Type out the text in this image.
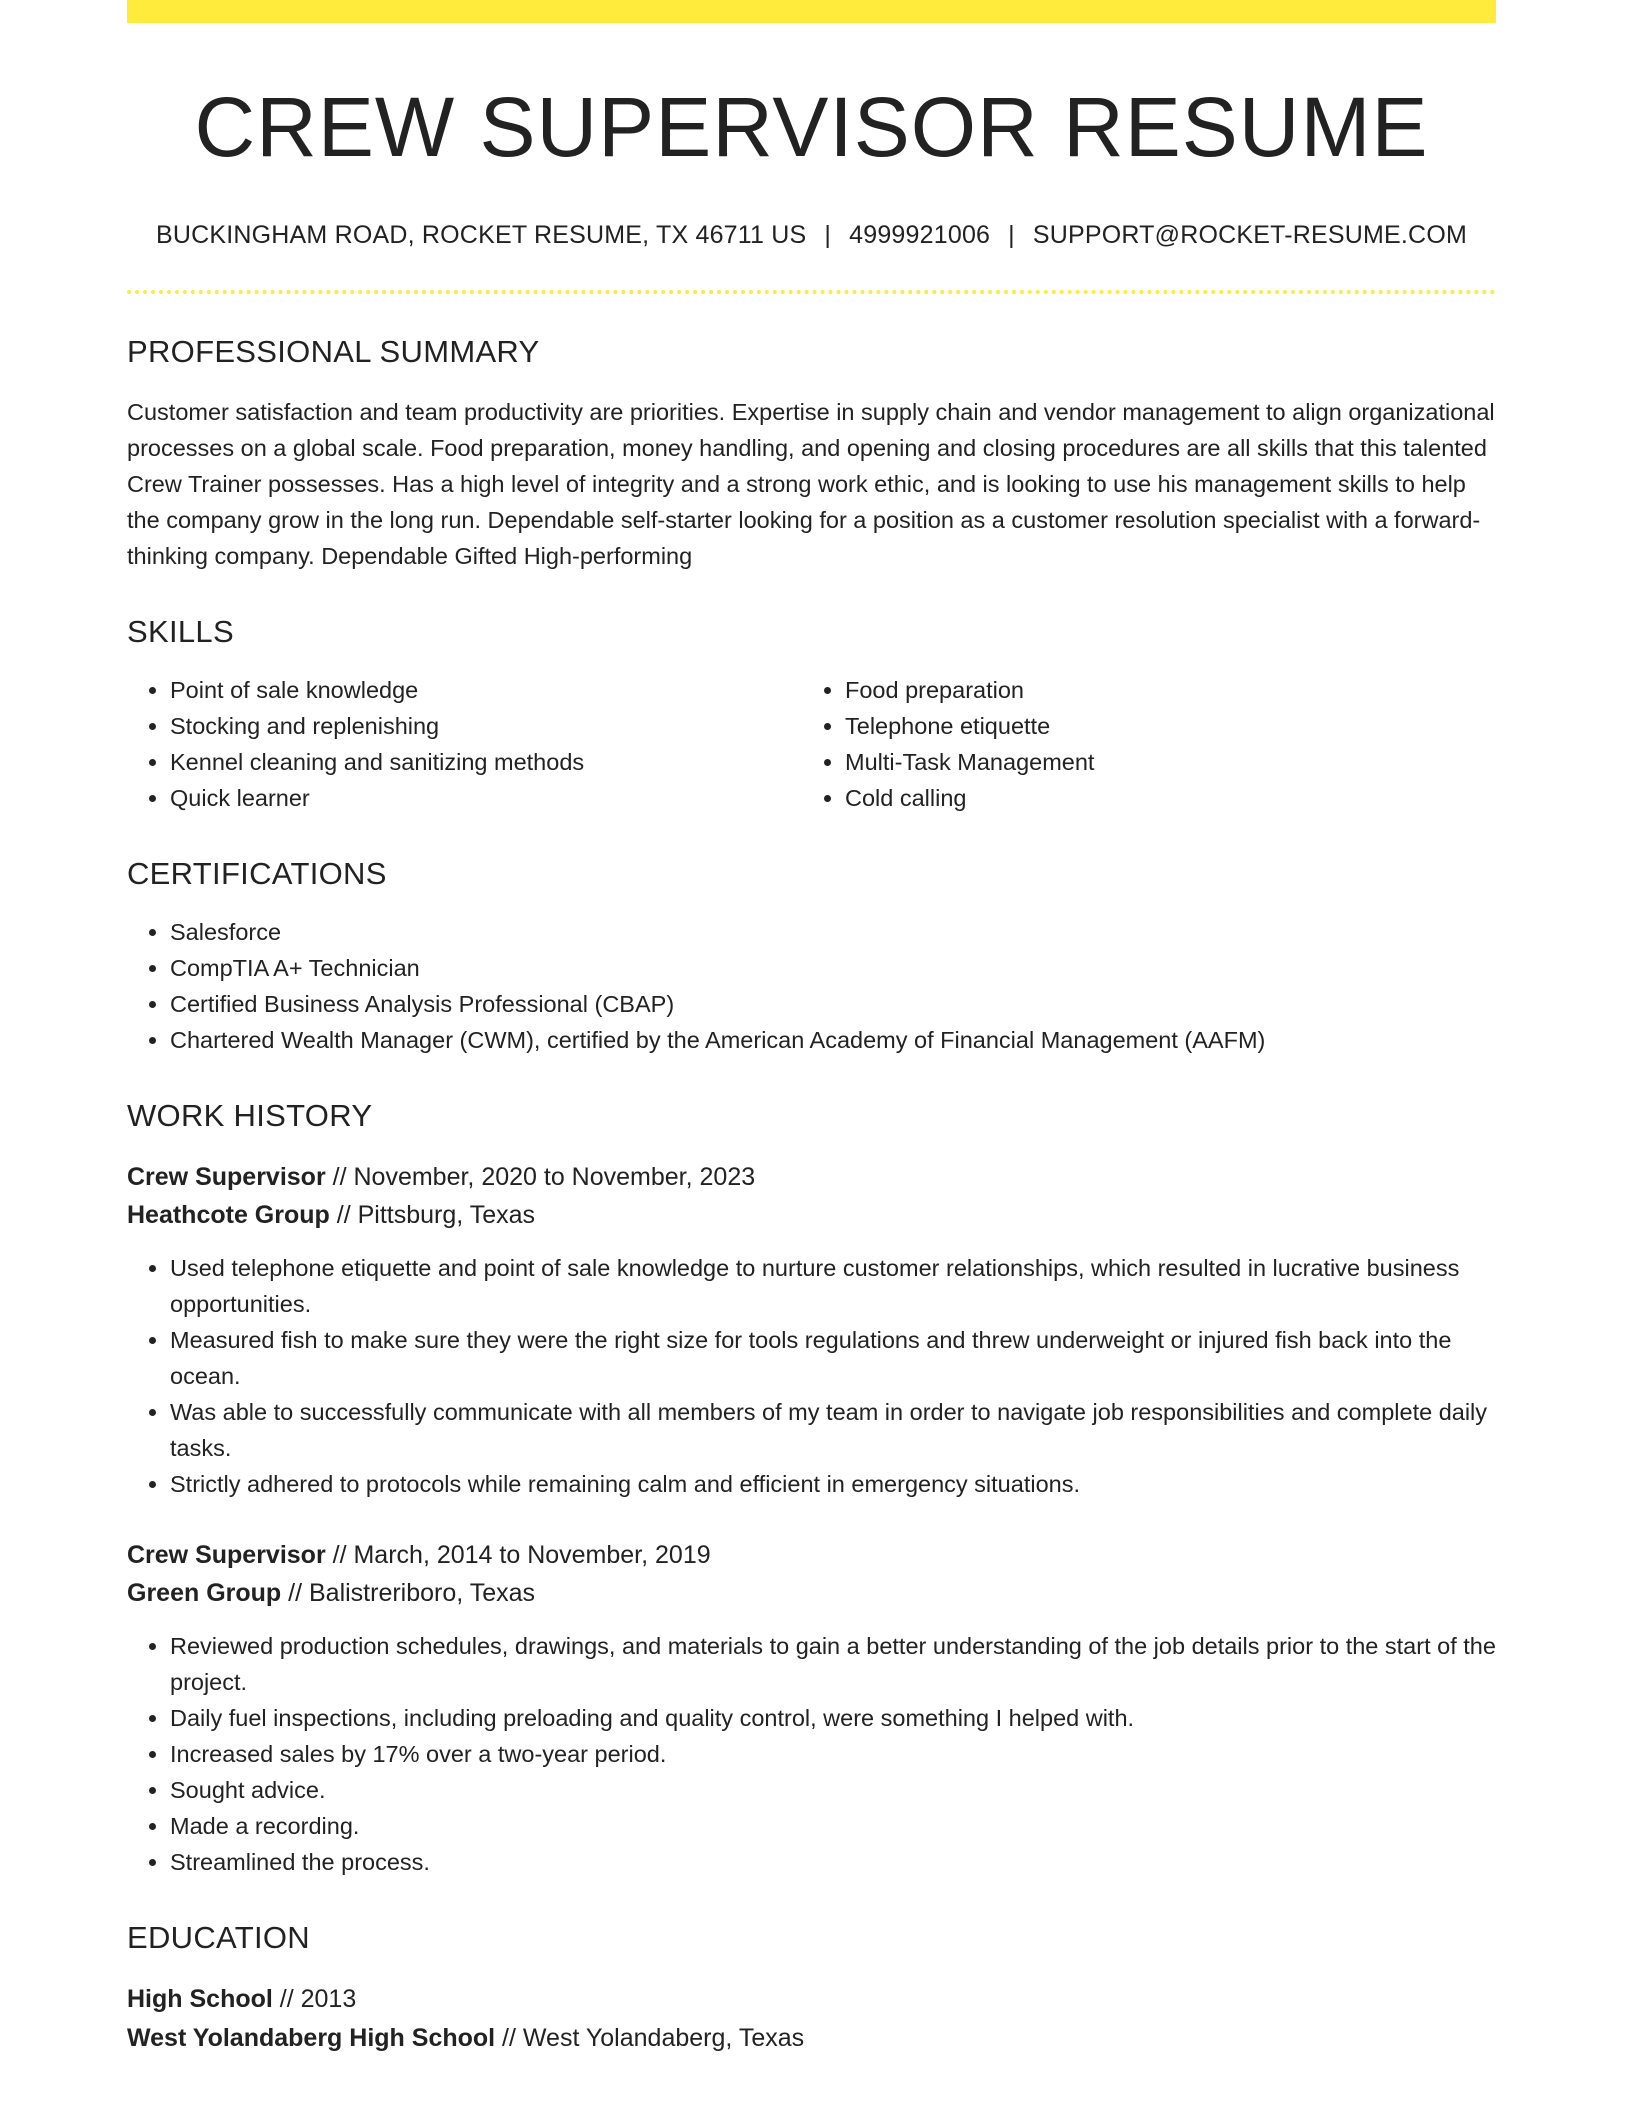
CREW SUPERVISOR RESUME
BUCKINGHAM ROAD, ROCKET RESUME, TX 46711 US | 4999921006 | SUPPORT@ROCKET-RESUME.COM
PROFESSIONAL SUMMARY

Customer satisfaction and team productivity are priorities. Expertise in supply chain and vendor management to align organizational processes on a global scale. Food preparation, money handling, and opening and closing procedures are all skills that this talented Crew Trainer possesses. Has a high level of integrity and a strong work ethic, and is looking to use his management skills to help the company grow in the long run. Dependable self-starter looking for a position as a customer resolution specialist with a forward-thinking company. Dependable Gifted High-performing

SKILLS
• Point of sale knowledge
• Stocking and replenishing
• Kennel cleaning and sanitizing methods
• Quick learner
• Food preparation
• Telephone etiquette
• Multi-Task Management
• Cold calling
CERTIFICATIONS
• Salesforce
• CompTIA A+ Technician
• Certified Business Analysis Professional (CBAP)
• Chartered Wealth Manager (CWM), certified by the American Academy of Financial Management (AAFM)
WORK HISTORY
Crew Supervisor // November, 2020 to November, 2023
Heathcote Group // Pittsburg, Texas
• Used telephone etiquette and point of sale knowledge to nurture customer relationships, which resulted in lucrative business opportunities.
• Measured fish to make sure they were the right size for tools regulations and threw underweight or injured fish back into the ocean.
• Was able to successfully communicate with all members of my team in order to navigate job responsibilities and complete daily tasks.
• Strictly adhered to protocols while remaining calm and efficient in emergency situations.
Crew Supervisor // March, 2014 to November, 2019
Green Group // Balistreriboro, Texas
• Reviewed production schedules, drawings, and materials to gain a better understanding of the job details prior to the start of the project.
• Daily fuel inspections, including preloading and quality control, were something I helped with.
• Increased sales by 17% over a two-year period.
• Sought advice.
• Made a recording.
• Streamlined the process.
EDUCATION
High School // 2013
West Yolandaberg High School // West Yolandaberg, Texas
